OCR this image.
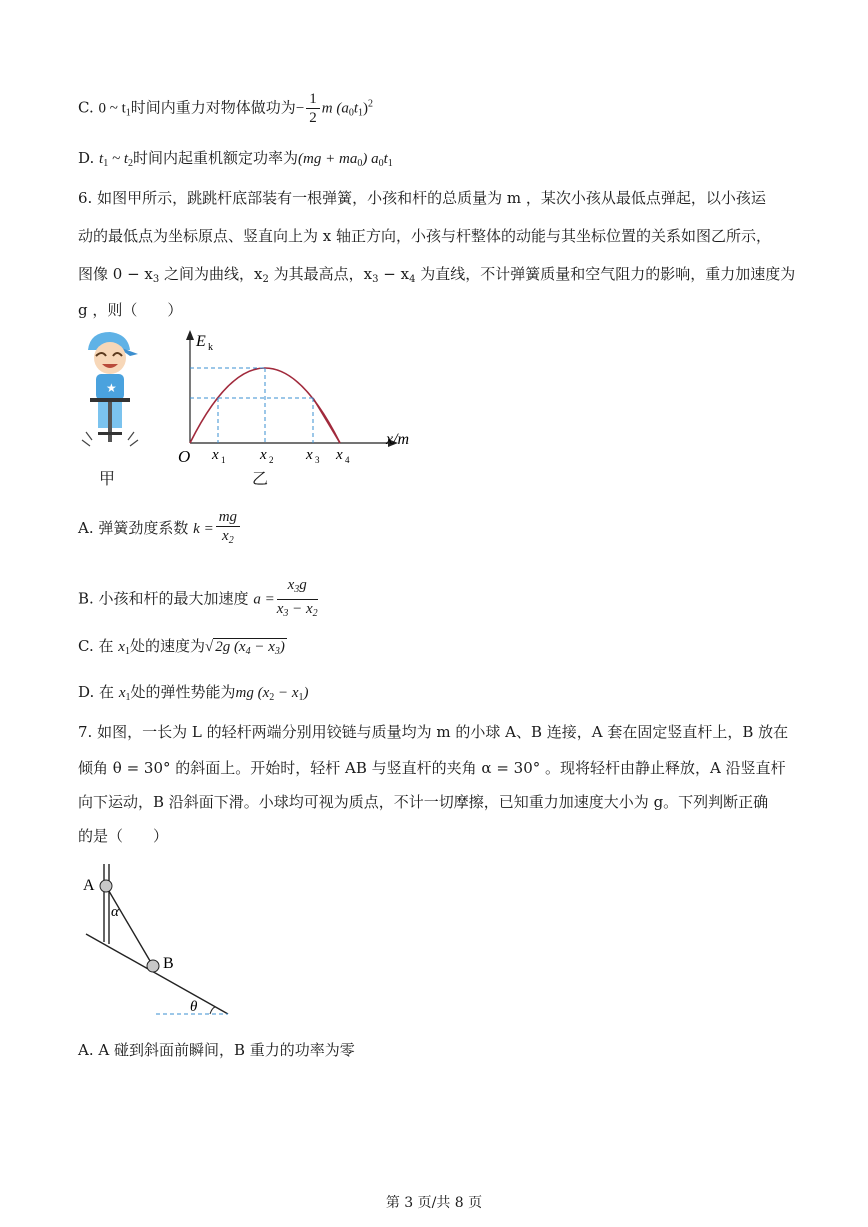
C. 0 ~ $t_1$时间内重力对物体做功为− $\frac{1}{2}$ m $(a_0t_1)^2$
D. $t_1$ ~ $t_2$时间内起重机额定功率为$(mg + ma_0)$ $a_0t_1$
6. 如图甲所示，跳跳杆底部装有一根弹簧，小孩和杆的总质量为 m ，某次小孩从最低点弹起，以小孩运
动的最低点为坐标原点、竖直向上为 x 轴正方向，小孩与杆整体的动能与其坐标位置的关系如图乙所示，
图像 $0 - x_3$ 之间为曲线，$x_2$ 为其最高点，$x_3 - x_4$ 为直线，不计弹簧质量和空气阻力的影响，重力加速度为
g ，则（　　）
★
甲
E k
x/m
O x 1 x 2 x 3 x 4
乙
A. 弹簧劲度系数 $k = \frac{mg}{x_2}$
B. 小孩和杆的最大加速度 $a = \frac{x_3g}{x_3 - x_2}$
C. 在 $x_1$处的速度为√ 2g $(x_4 - x_3)$
D. 在 $x_1$处的弹性势能为mg $(x_2 - x_1)$
7. 如图，一长为 L 的轻杆两端分别用铰链与质量均为 m 的小球 A、B 连接，A 套在固定竖直杆上，B 放在
倾角 θ = 30° 的斜面上。开始时，轻杆 AB 与竖直杆的夹角 α = 30° 。现将轻杆由静止释放，A 沿竖直杆
向下运动，B 沿斜面下滑。小球均可视为质点，不计一切摩擦，已知重力加速度大小为 g。下列判断正确
的是（　　）
A
B
α
θ
A. A 碰到斜面前瞬间，B 重力的功率为零
第 3 页/共 8 页
